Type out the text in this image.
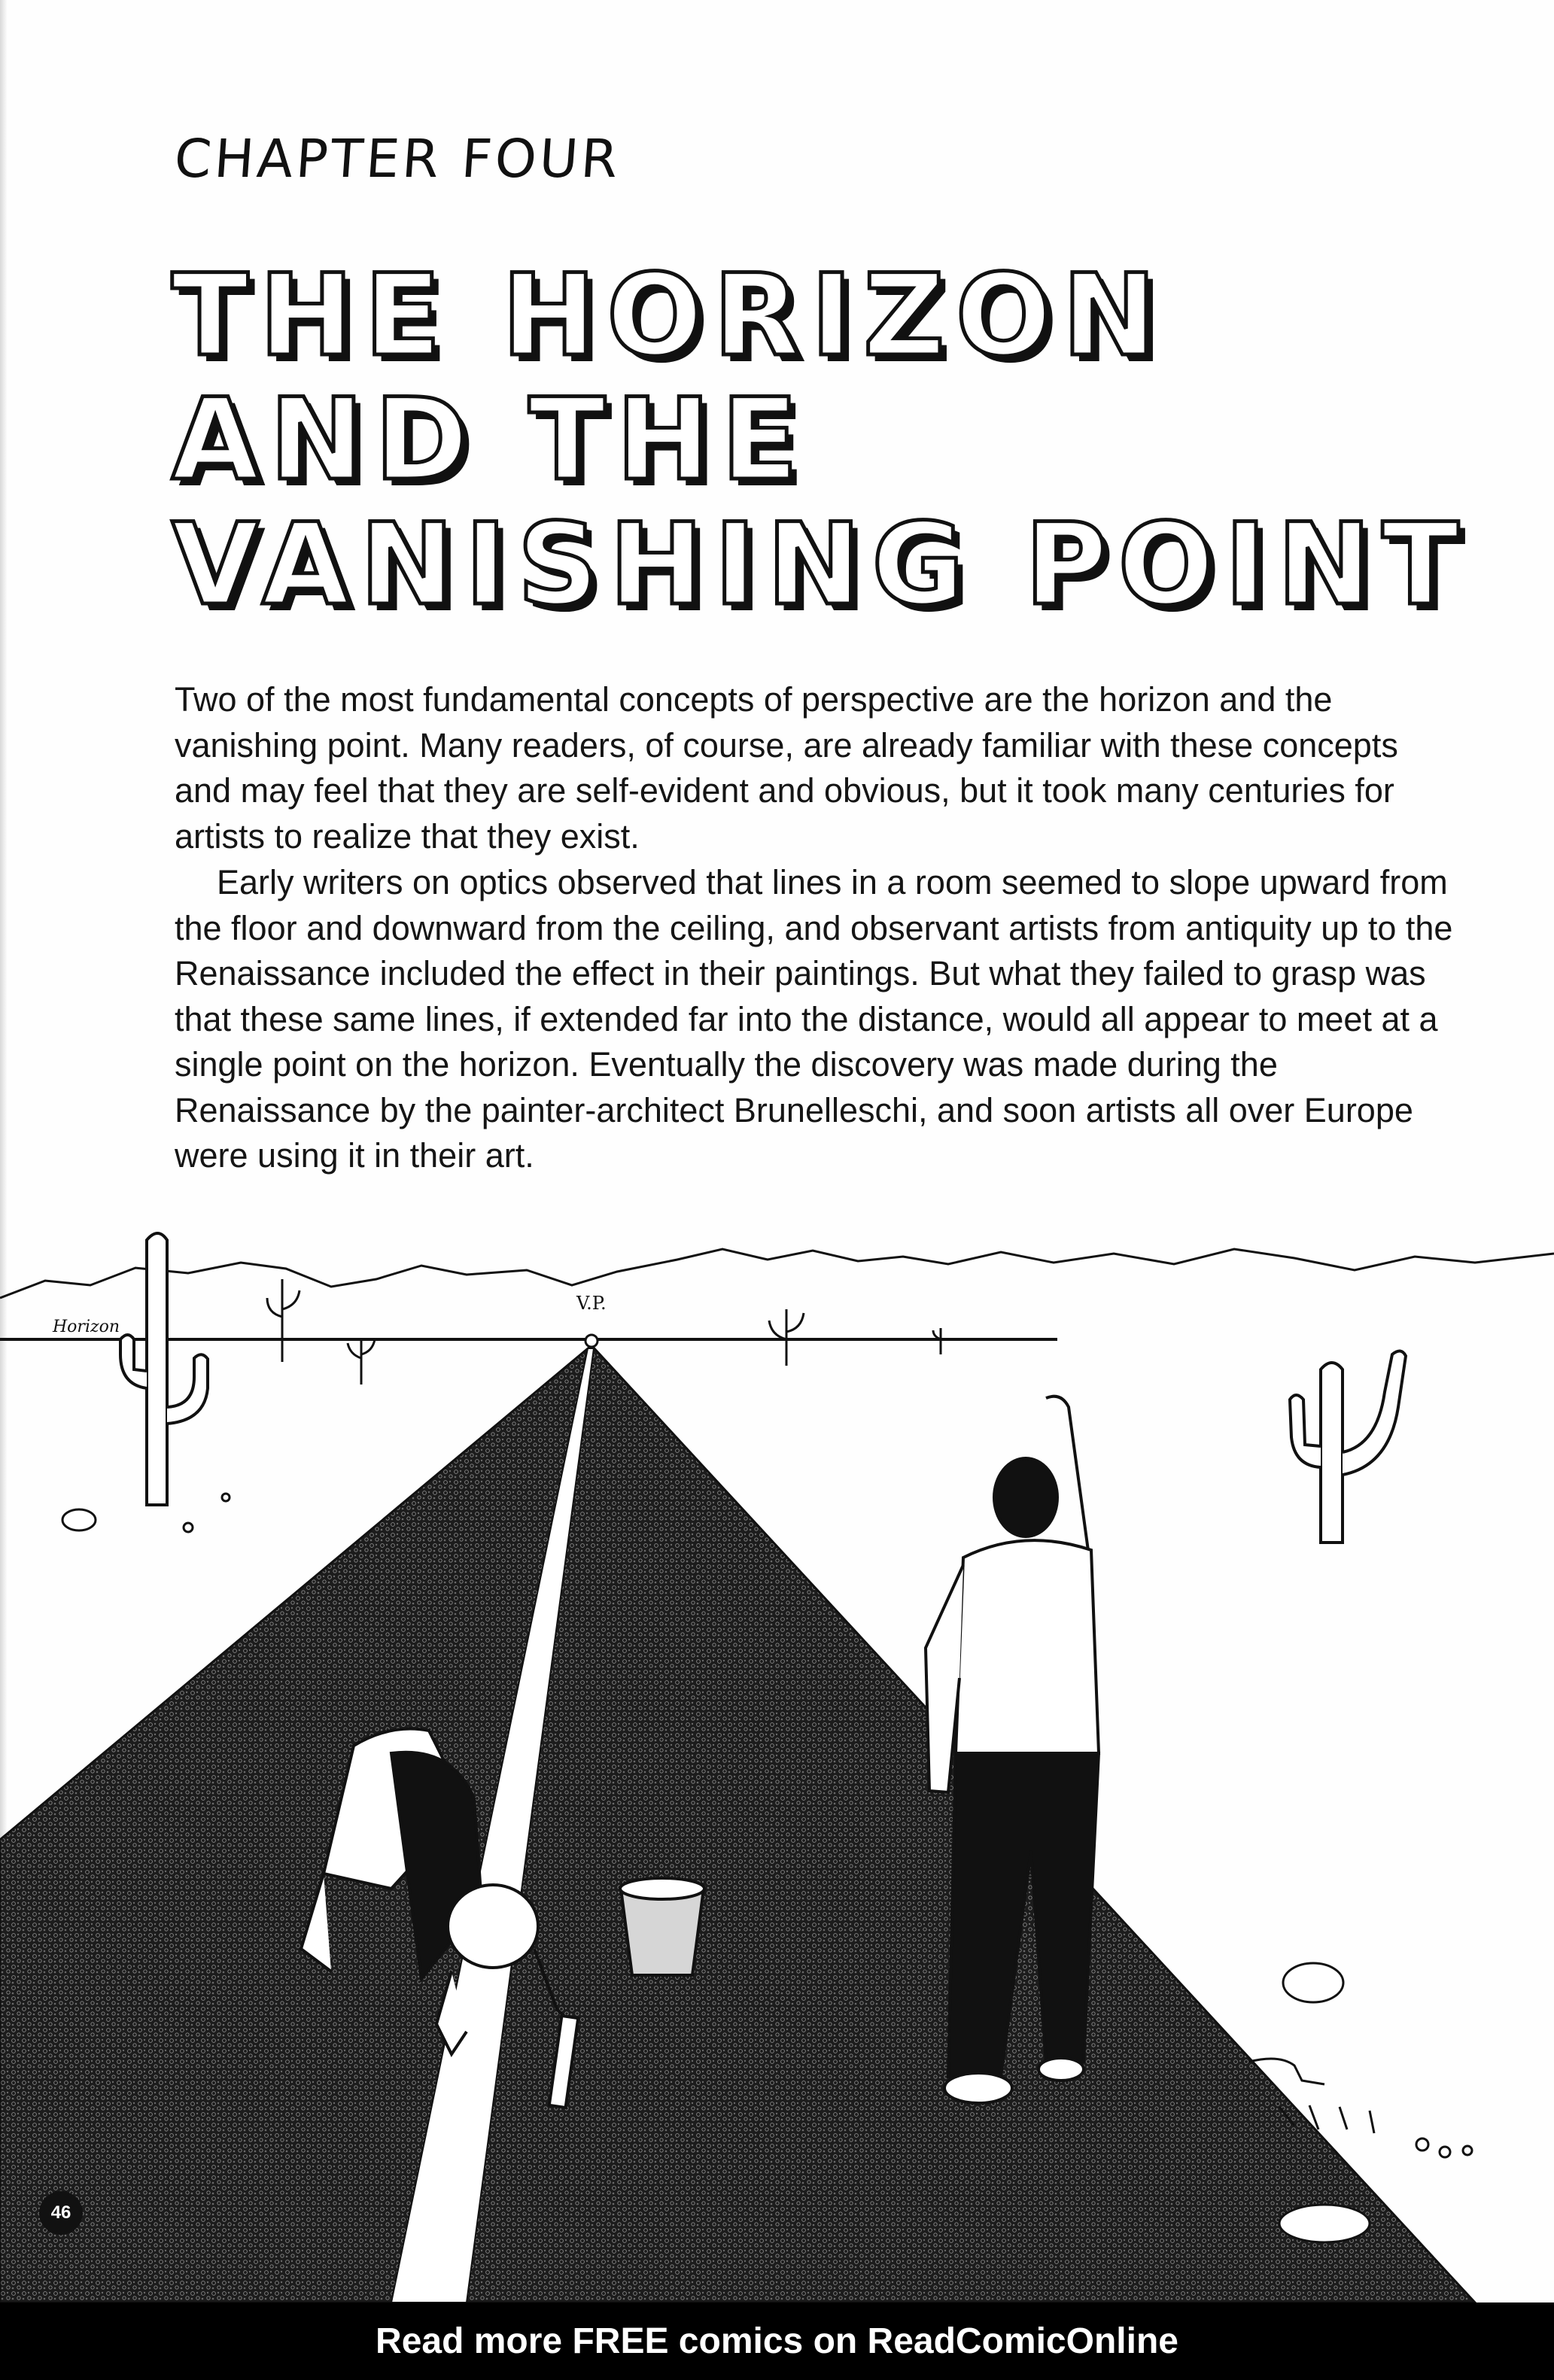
CHAPTER FOUR
THE HORIZON
AND THE
VANISHING POINT

Two of the most fundamental concepts of perspective are the horizon and the vanishing point. Many readers, of course, are already familiar with these concepts and may feel that they are self-evident and obvious, but it took many centuries for artists to realize that they exist.

Early writers on optics observed that lines in a room seemed to slope upward from the floor and downward from the ceiling, and observant artists from antiquity up to the Renaissance included the effect in their paintings. But what they failed to grasp was that these same lines, if extended far into the distance, would all appear to meet at a single point on the horizon. Eventually the discovery was made during the Renaissance by the painter-architect Brunelleschi, and soon artists all over Europe were using it in their art.

Horizon
V.P.
46
Read more FREE comics on ReadComicOnline
